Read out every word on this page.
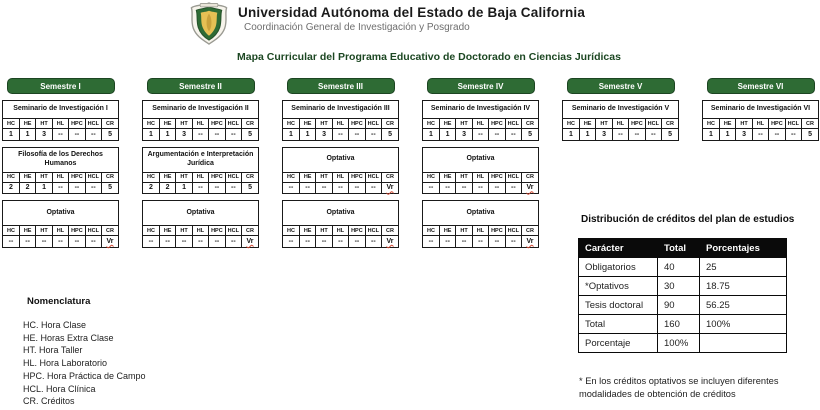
Universidad Autónoma del Estado de Baja California
Coordinación General de Investigación y Posgrado
Mapa Curricular del Programa Educativo de Doctorado en Ciencias Jurídicas
Semestre I
Seminario de Investigación I
HC	HE	HT	HL	HPC	HCL	CR
1	1	3	--	--	--	5
Filosofía de los Derechos Humanos
HC	HE	HT	HL	HPC	HCL	CR
2	2	1	--	--	--	5
Optativa
HC	HE	HT	HL	HPC	HCL	CR
--	--	--	--	--	--	Vr
Semestre II
Seminario de Investigación II
HC	HE	HT	HL	HPC	HCL	CR
1	1	3	--	--	--	5
Argumentación e Interpretación Jurídica
HC	HE	HT	HL	HPC	HCL	CR
2	2	1	--	--	--	5
Optativa
HC	HE	HT	HL	HPC	HCL	CR
--	--	--	--	--	--	Vr
Semestre III
Seminario de Investigación III
HC	HE	HT	HL	HPC	HCL	CR
1	1	3	--	--	--	5
Optativa
HC	HE	HT	HL	HPC	HCL	CR
--	--	--	--	--	--	Vr
Optativa
HC	HE	HT	HL	HPC	HCL	CR
--	--	--	--	--	--	Vr
Semestre IV
Seminario de Investigación IV
HC	HE	HT	HL	HPC	HCL	CR
1	1	3	--	--	--	5
Optativa
HC	HE	HT	HL	HPC	HCL	CR
--	--	--	--	--	--	Vr
Optativa
HC	HE	HT	HL	HPC	HCL	CR
--	--	--	--	--	--	Vr
Semestre V
Seminario de Investigación V
HC	HE	HT	HL	HPC	HCL	CR
1	1	3	--	--	--	5
Semestre VI
Seminario de Investigación VI
HC	HE	HT	HL	HPC	HCL	CR
1	1	3	--	--	--	5
Distribución de créditos del plan de estudios
Carácter	Total	Porcentajes
Obligatorios	40	25
*Optativos	30	18.75
Tesis doctoral	90	56.25
Total	160	100%
Porcentaje	100%	
Nomenclatura
HC. Hora Clase
HE. Horas Extra Clase
HT. Hora Taller
HL. Hora Laboratorio
HPC. Hora Práctica de Campo
HCL. Hora Clínica
CR. Créditos
* En los créditos optativos se incluyen diferentes modalidades de obtención de créditos
